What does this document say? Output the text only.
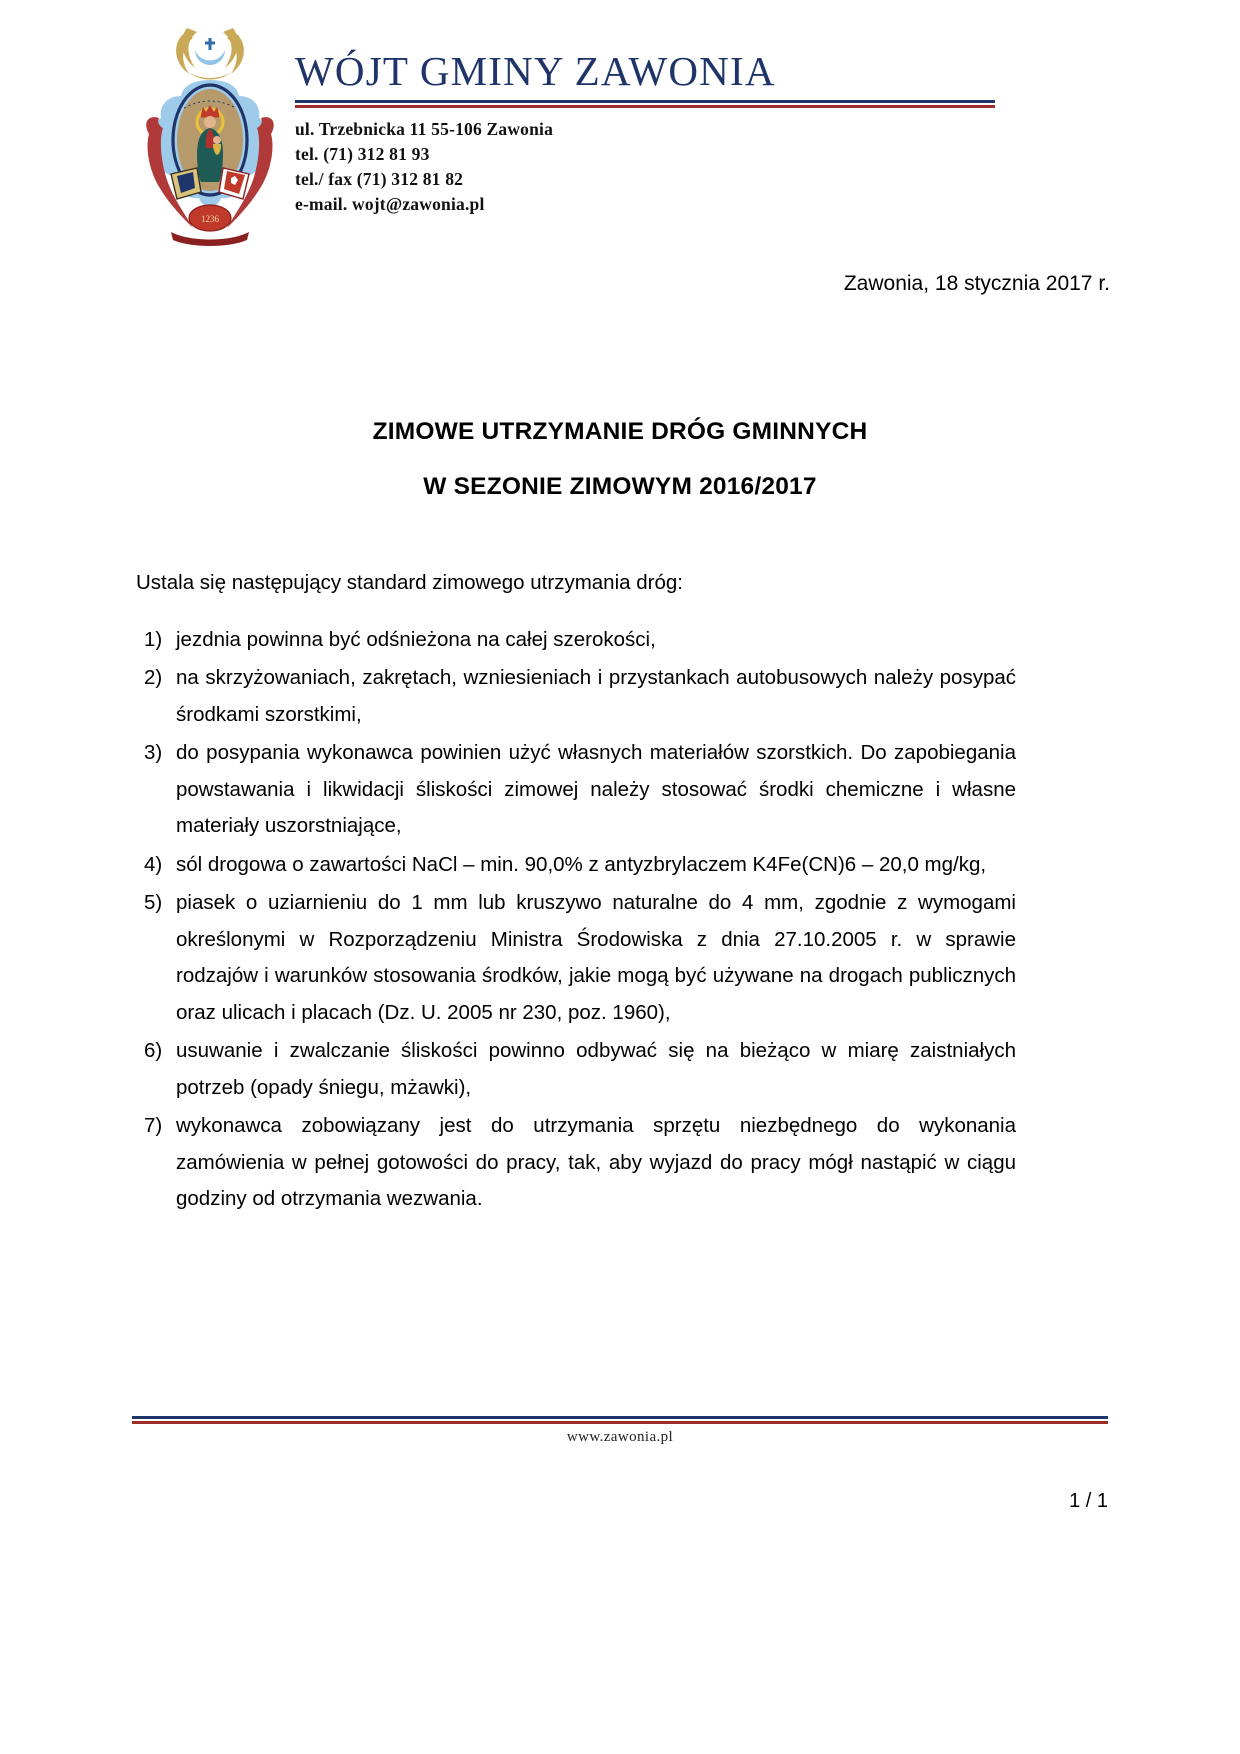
1236
WÓJT GMINY ZAWONIA
ul. Trzebnicka 11 55-106 Zawonia
tel. (71) 312 81 93
tel./ fax (71) 312 81 82
e-mail. wojt@zawonia.pl
Zawonia, 18 stycznia 2017 r.
ZIMOWE UTRZYMANIE DRÓG GMINNYCH
W SEZONIE ZIMOWYM 2016/2017
Ustala się następujący standard zimowego utrzymania dróg:
1) jezdnia powinna być odśnieżona na całej szerokości,
2) na skrzyżowaniach, zakrętach, wzniesieniach i przystankach autobusowych należy posypać środkami szorstkimi,
3) do posypania wykonawca powinien użyć własnych materiałów szorstkich. Do zapobiegania powstawania i likwidacji śliskości zimowej należy stosować środki chemiczne i własne materiały uszorstniające,
4) sól drogowa o zawartości NaCl – min. 90,0% z antyzbrylaczem K4Fe(CN)6 – 20,0 mg/kg,
5) piasek o uziarnieniu do 1 mm lub kruszywo naturalne do 4 mm, zgodnie z wymogami określonymi w Rozporządzeniu Ministra Środowiska z dnia 27.10.2005 r. w sprawie rodzajów i warunków stosowania środków, jakie mogą być używane na drogach publicznych oraz ulicach i placach (Dz. U. 2005 nr 230, poz. 1960),
6) usuwanie i zwalczanie śliskości powinno odbywać się na bieżąco w miarę zaistniałych potrzeb (opady śniegu, mżawki),
7) wykonawca zobowiązany jest do utrzymania sprzętu niezbędnego do wykonania zamówienia w pełnej gotowości do pracy, tak, aby wyjazd do pracy mógł nastąpić w ciągu godziny od otrzymania wezwania.
www.zawonia.pl
1 / 1
